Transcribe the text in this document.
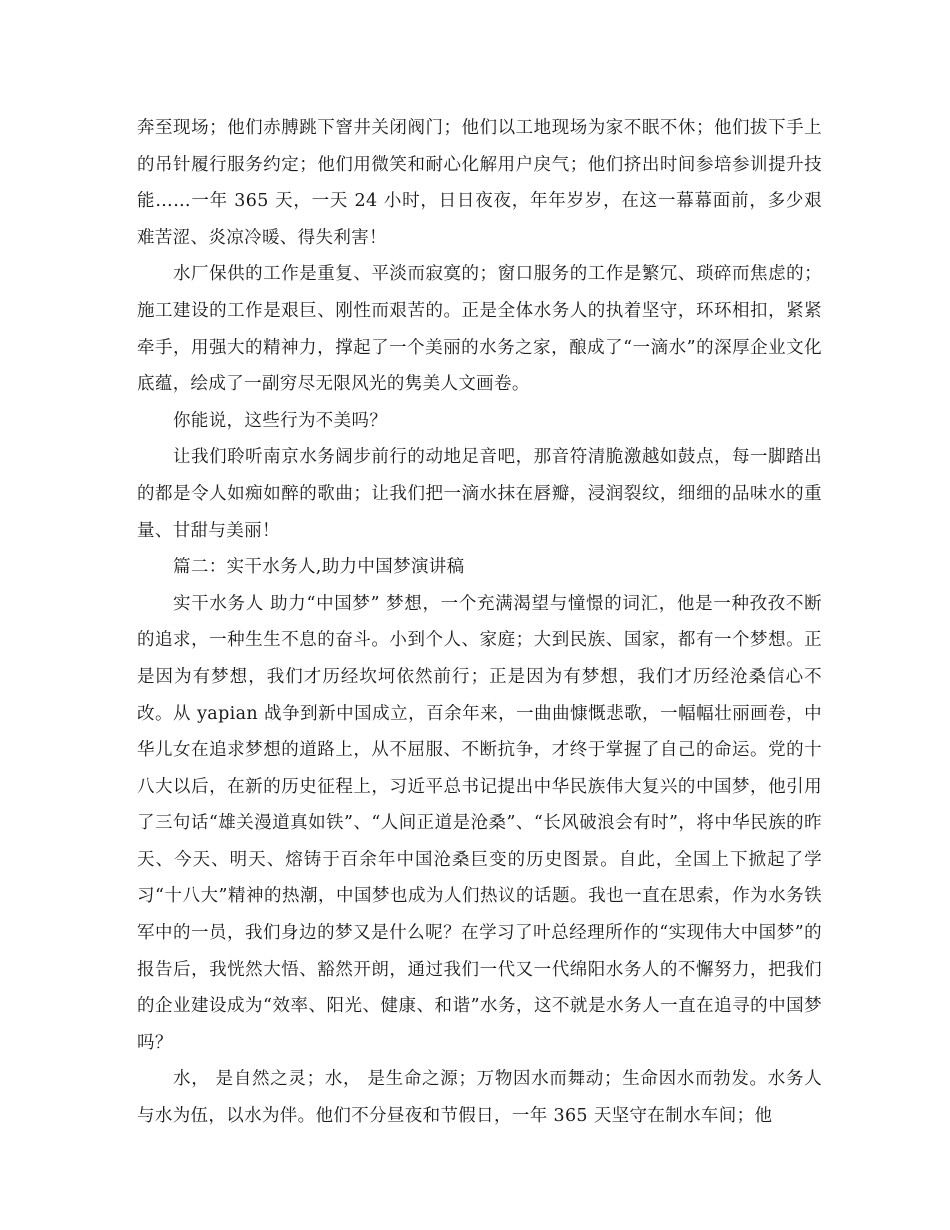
奔至现场；他们赤膊跳下窨井关闭阀门；他们以工地现场为家不眠不休；他们拔下手上的吊针履行服务约定；他们用微笑和耐心化解用户戾气；他们挤出时间参培参训提升技能……一年 365 天，一天 24 小时，日日夜夜，年年岁岁，在这一幕幕面前，多少艰难苦涩、炎凉冷暖、得失利害！

水厂保供的工作是重复、平淡而寂寞的；窗口服务的工作是繁冗、琐碎而焦虑的；施工建设的工作是艰巨、刚性而艰苦的。正是全体水务人的执着坚守，环环相扣，紧紧牵手，用强大的精神力，撑起了一个美丽的水务之家，酿成了“一滴水”的深厚企业文化底蕴，绘成了一副穷尽无限风光的隽美人文画卷。

你能说，这些行为不美吗？

让我们聆听南京水务阔步前行的动地足音吧，那音符清脆激越如鼓点，每一脚踏出的都是令人如痴如醉的歌曲；让我们把一滴水抹在唇瓣，浸润裂纹，细细的品味水的重量、甘甜与美丽！

篇二：实干水务人,助力中国梦演讲稿

实干水务人 助力“中国梦” 梦想，一个充满渴望与憧憬的词汇，他是一种孜孜不断的追求，一种生生不息的奋斗。小到个人、家庭；大到民族、国家，都有一个梦想。正是因为有梦想，我们才历经坎坷依然前行；正是因为有梦想，我们才历经沧桑信心不改。从 yapian 战争到新中国成立，百余年来，一曲曲慷慨悲歌，一幅幅壮丽画卷，中华儿女在追求梦想的道路上，从不屈服、不断抗争，才终于掌握了自己的命运。党的十八大以后，在新的历史征程上，习近平总书记提出中华民族伟大复兴的中国梦，他引用了三句话“雄关漫道真如铁”、“人间正道是沧桑”、“长风破浪会有时”，将中华民族的昨天、今天、明天、熔铸于百余年中国沧桑巨变的历史图景。自此，全国上下掀起了学习“十八大”精神的热潮，中国梦也成为人们热议的话题。我也一直在思索，作为水务铁军中的一员，我们身边的梦又是什么呢？在学习了叶总经理所作的“实现伟大中国梦”的报告后，我恍然大悟、豁然开朗，通过我们一代又一代绵阳水务人的不懈努力，把我们的企业建设成为“效率、阳光、健康、和谐”水务，这不就是水务人一直在追寻的中国梦吗？

水， 是自然之灵；水， 是生命之源；万物因水而舞动；生命因水而勃发。水务人与水为伍，以水为伴。他们不分昼夜和节假日，一年 365 天坚守在制水车间；他
